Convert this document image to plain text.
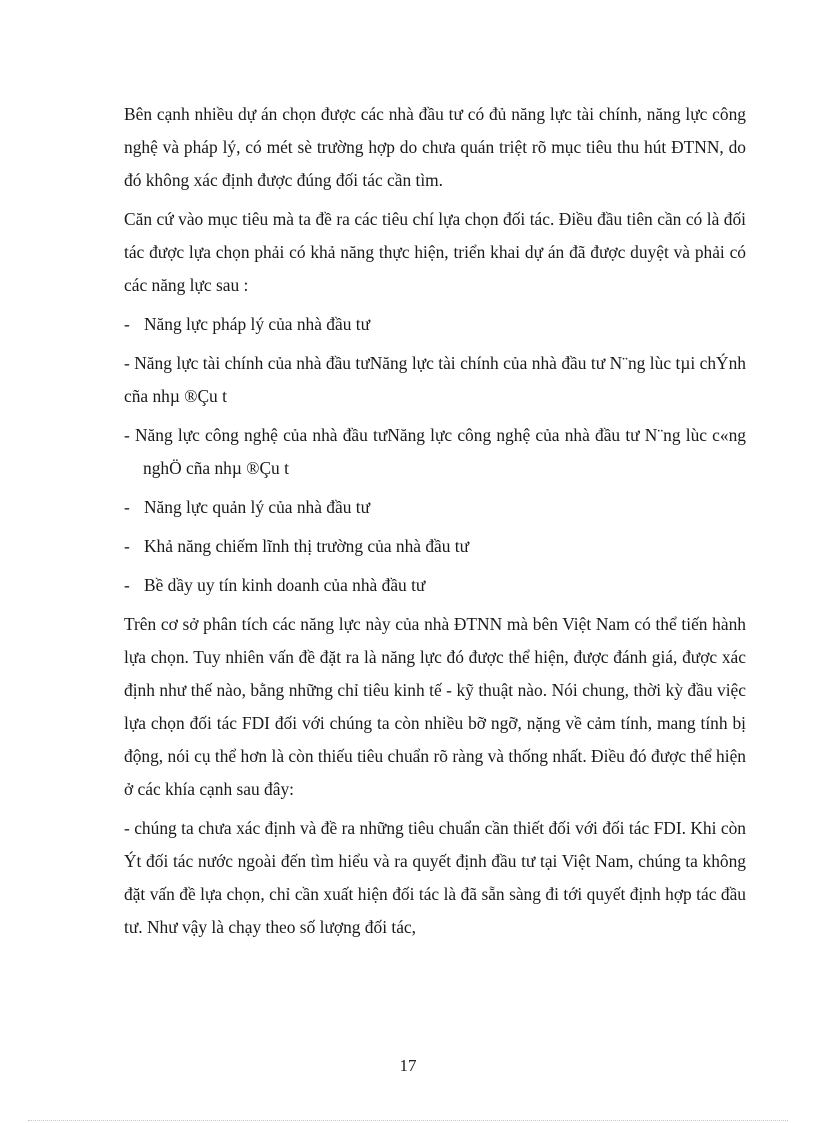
Bên cạnh nhiều dự án chọn được các nhà đầu tư có đủ năng lực tài chính, năng lực công nghệ và pháp lý, có mét sè trường hợp do chưa quán triệt rõ mục tiêu thu hút ĐTNN, do đó không xác định được đúng đối tác cần tìm.

Căn cứ vào mục tiêu mà ta đề ra các tiêu chí lựa chọn đối tác. Điều đầu tiên cần có là đối tác được lựa chọn phải có khả năng thực hiện, triển khai dự án đã được duyệt và phải có các năng lực sau :

- Năng lực pháp lý của nhà đầu tư

- Năng lực tài chính của nhà đầu tưNăng lực tài chính của nhà đầu tư N¨ng lùc tµi chÝnh cña nhµ ®Çu t

- Năng lực công nghệ của nhà đầu tưNăng lực công nghệ của nhà đầu tư N¨ng lùc c«ng nghÖ cña nhµ ®Çu t

- Năng lực quản lý của nhà đầu tư

- Khả năng chiếm lĩnh thị trường của nhà đầu tư

- Bề dầy uy tín kinh doanh của nhà đầu tư

Trên cơ sở phân tích các năng lực này của nhà ĐTNN mà bên Việt Nam có thể tiến hành lựa chọn. Tuy nhiên vấn đề đặt ra là năng lực đó được thể hiện, được đánh giá, được xác định như thế nào, bằng những chỉ tiêu kinh tế - kỹ thuật nào. Nói chung, thời kỳ đầu việc lựa chọn đối tác FDI đối với chúng ta còn nhiều bỡ ngỡ, nặng về cảm tính, mang tính bị động, nói cụ thể hơn là còn thiếu tiêu chuẩn rõ ràng và thống nhất. Điều đó được thể hiện ở các khía cạnh sau đây:

- chúng ta chưa xác định và đề ra những tiêu chuẩn cần thiết đối với đối tác FDI. Khi còn Ýt đối tác nước ngoài đến tìm hiểu và ra quyết định đầu tư tại Việt Nam, chúng ta không đặt vấn đề lựa chọn, chỉ cần xuất hiện đối tác là đã sẵn sàng đi tới quyết định hợp tác đầu tư. Như vậy là chạy theo số lượng đối tác,

17
